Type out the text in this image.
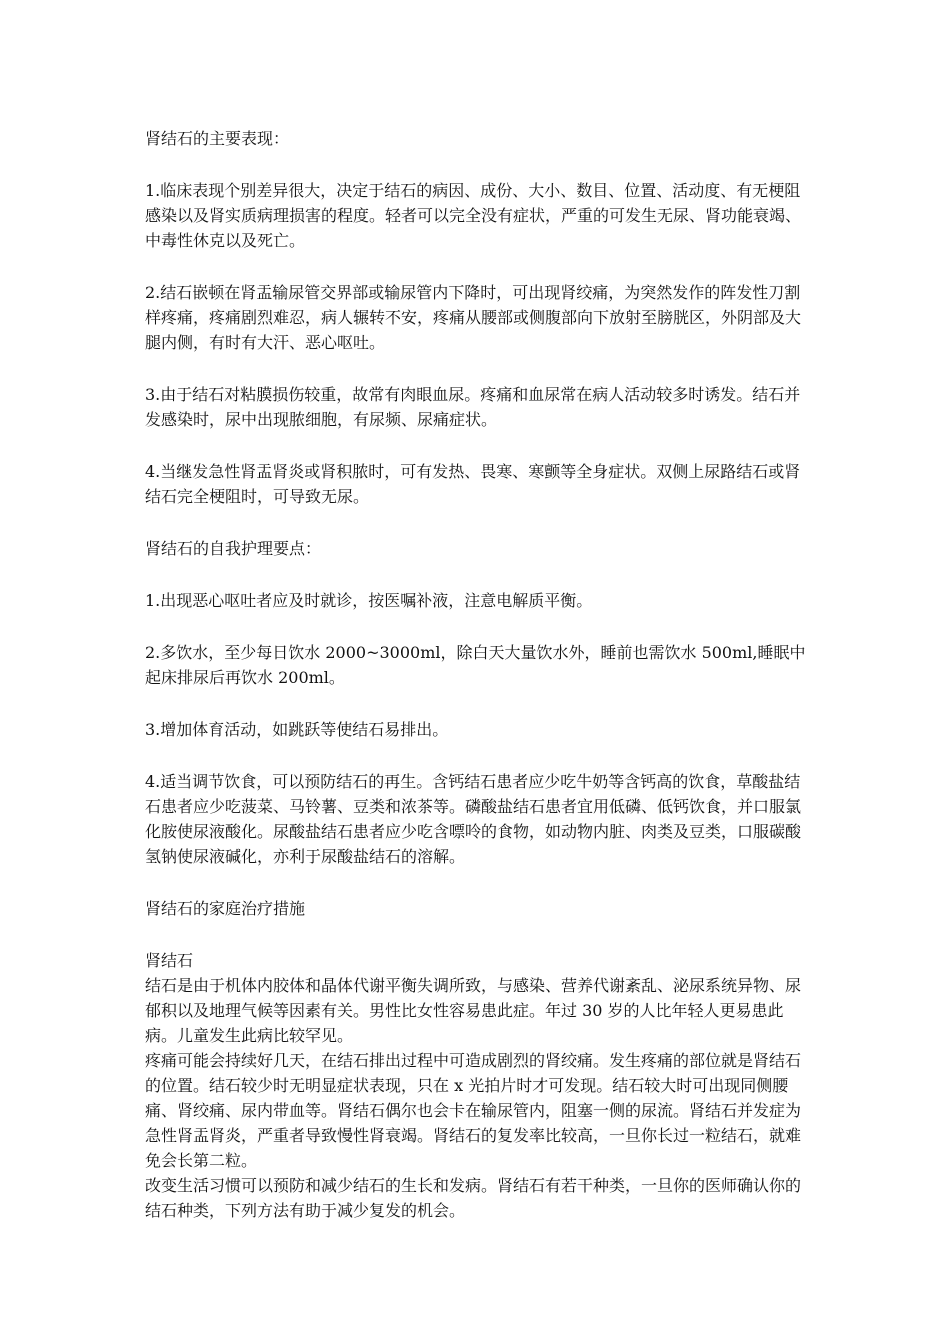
肾结石的主要表现：

1.临床表现个别差异很大，决定于结石的病因、成份、大小、数目、位置、活动度、有无梗阻感染以及肾实质病理损害的程度。轻者可以完全没有症状，严重的可发生无尿、肾功能衰竭、中毒性休克以及死亡。

2.结石嵌顿在肾盂输尿管交界部或输尿管内下降时，可出现肾绞痛，为突然发作的阵发性刀割样疼痛，疼痛剧烈难忍，病人辗转不安，疼痛从腰部或侧腹部向下放射至膀胱区，外阴部及大腿内侧，有时有大汗、恶心呕吐。

3.由于结石对粘膜损伤较重，故常有肉眼血尿。疼痛和血尿常在病人活动较多时诱发。结石并发感染时，尿中出现脓细胞，有尿频、尿痛症状。

4.当继发急性肾盂肾炎或肾积脓时，可有发热、畏寒、寒颤等全身症状。双侧上尿路结石或肾结石完全梗阻时，可导致无尿。

肾结石的自我护理要点：

1.出现恶心呕吐者应及时就诊，按医嘱补液，注意电解质平衡。

2.多饮水，至少每日饮水 2000~3000ml，除白天大量饮水外，睡前也需饮水 500ml,睡眠中起床排尿后再饮水 200ml。

3.增加体育活动，如跳跃等使结石易排出。

4.适当调节饮食，可以预防结石的再生。含钙结石患者应少吃牛奶等含钙高的饮食，草酸盐结石患者应少吃菠菜、马铃薯、豆类和浓茶等。磷酸盐结石患者宜用低磷、低钙饮食，并口服氯化胺使尿液酸化。尿酸盐结石患者应少吃含嘌呤的食物，如动物内脏、肉类及豆类，口服碳酸氢钠使尿液碱化，亦利于尿酸盐结石的溶解。

肾结石的家庭治疗措施

肾结石

结石是由于机体内胶体和晶体代谢平衡失调所致，与感染、营养代谢紊乱、泌尿系统异物、尿郁积以及地理气候等因素有关。男性比女性容易患此症。年过 30 岁的人比年轻人更易患此病。儿童发生此病比较罕见。

疼痛可能会持续好几天，在结石排出过程中可造成剧烈的肾绞痛。发生疼痛的部位就是肾结石的位置。结石较少时无明显症状表现，只在 x 光拍片时才可发现。结石较大时可出现同侧腰痛、肾绞痛、尿内带血等。肾结石偶尔也会卡在输尿管内，阻塞一侧的尿流。肾结石并发症为急性肾盂肾炎，严重者导致慢性肾衰竭。肾结石的复发率比较高，一旦你长过一粒结石，就难免会长第二粒。

改变生活习惯可以预防和减少结石的生长和发病。肾结石有若干种类，一旦你的医师确认你的结石种类，下列方法有助于减少复发的机会。
